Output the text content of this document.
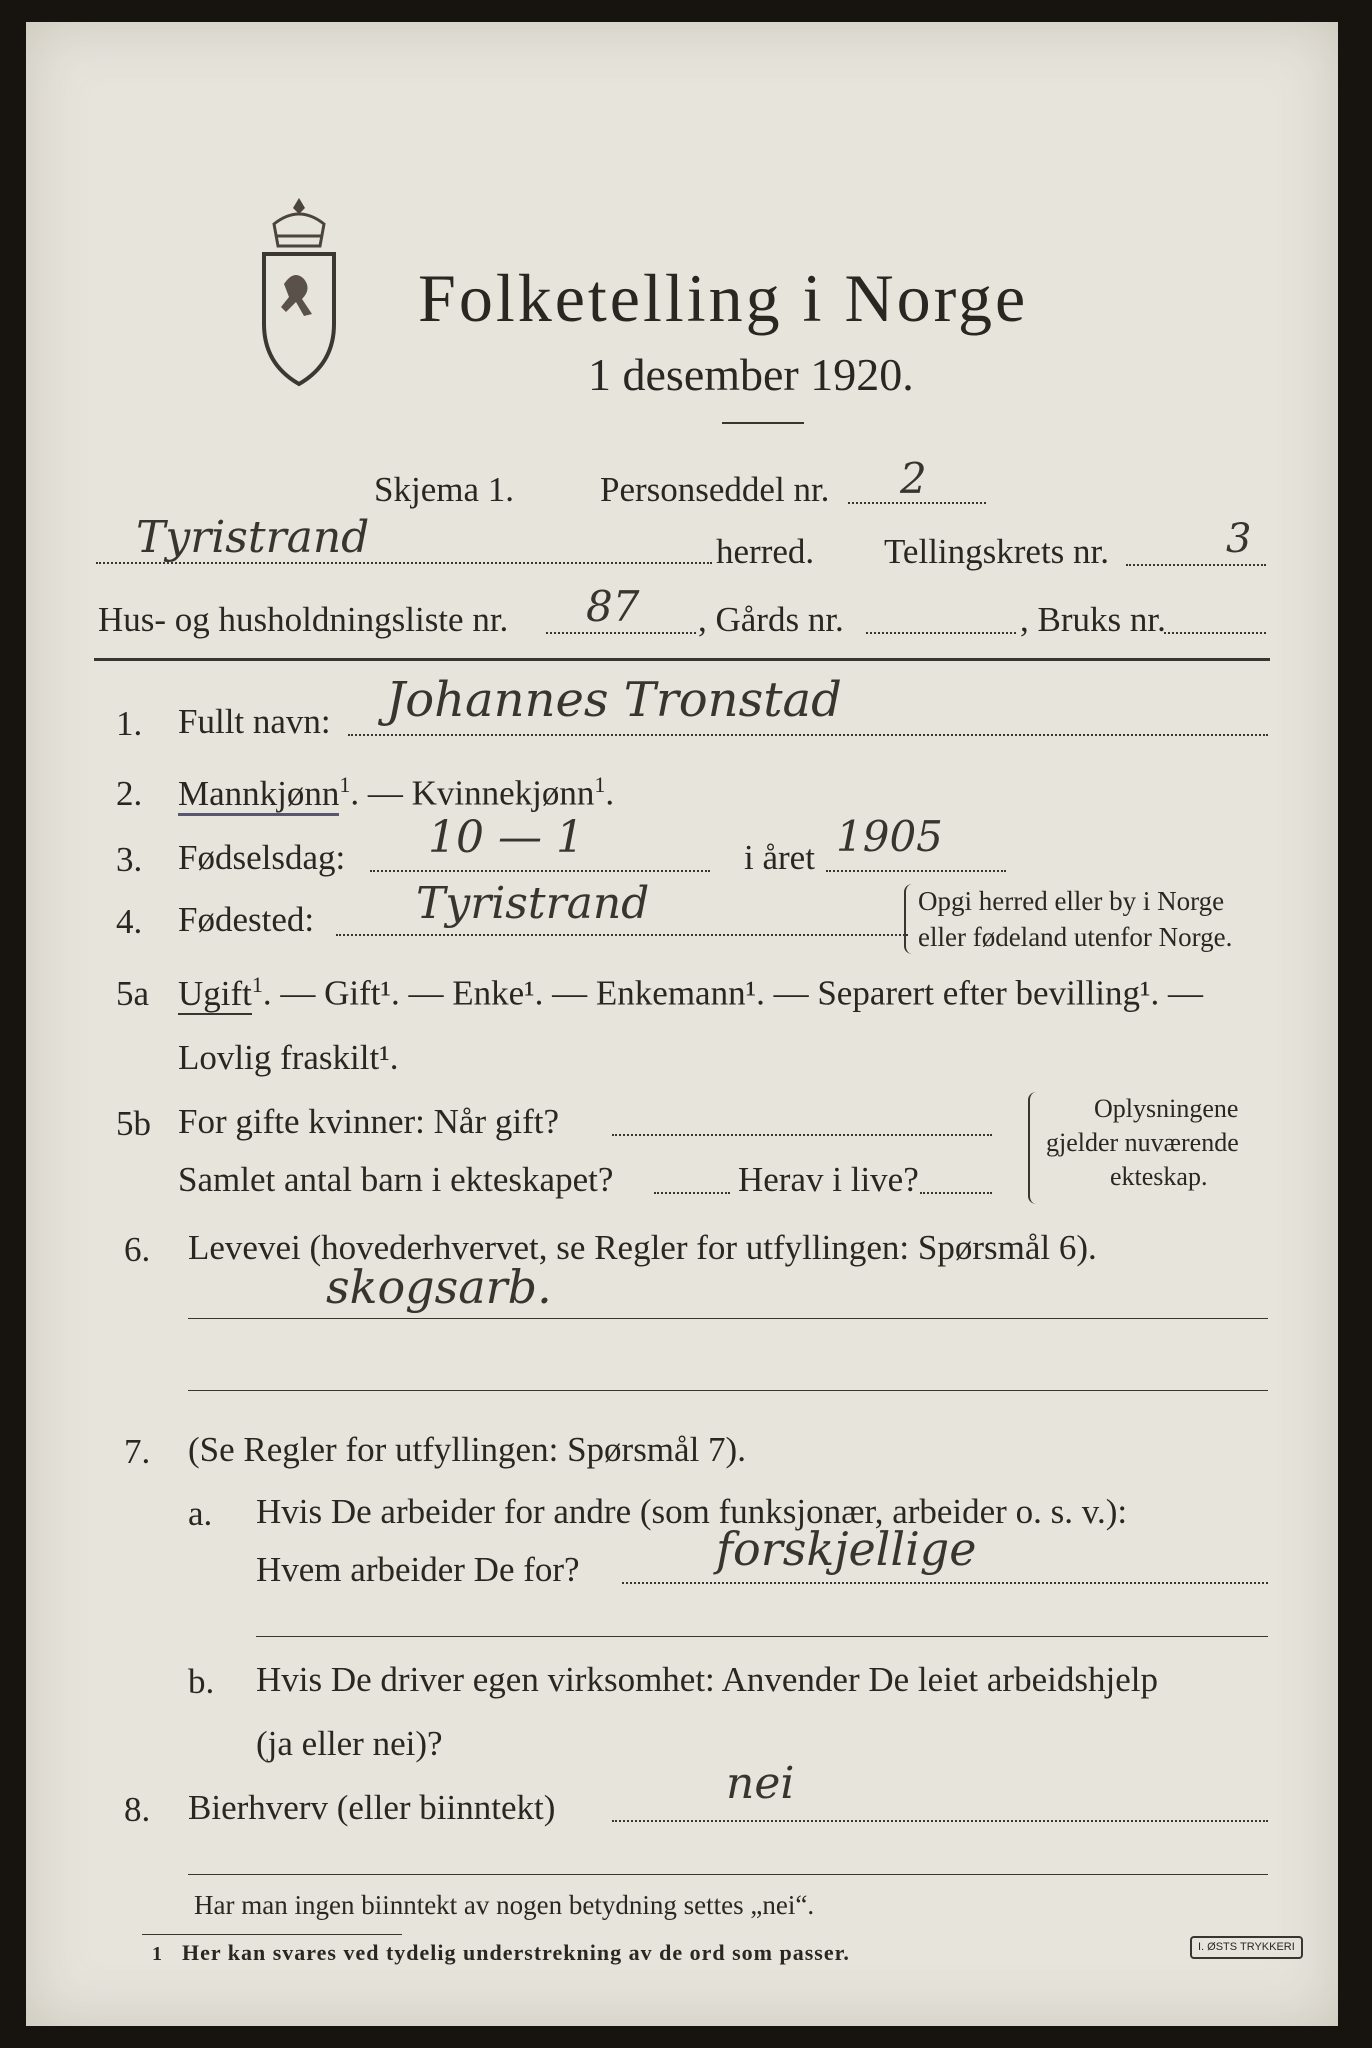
Folketelling i Norge
1 desember 1920.
Skjema 1. Personseddel nr. 2
Tyristrand	herred. Tellingskrets nr.	3
Hus- og husholdningsliste nr. 87 , Gårds nr.	, Bruks nr.
1. Fullt navn: Johannes Tronstad
2. Mannkjønn$^1$. — Kvinnekjønn$^1$.
3. Fødselsdag: 10 — 1	i året 1905
4. Fødested: Tyristrand	Opgi herred eller by i Norge
eller fødeland utenfor Norge.
5a Ugift$^1$. — Gift¹. — Enke¹. — Enkemann¹. — Separert efter bevilling¹. —
Lovlig fraskilt¹.
5b For gifte kvinner: Når gift?
Samlet antal barn i ekteskapet?	Herav i live?
Oplysningene
gjelder nuværende
ekteskap.
6. Levevei (hovederhvervet, se Regler for utfyllingen: Spørsmål 6).
skogsarb.
7. (Se Regler for utfyllingen: Spørsmål 7).
a. Hvis De arbeider for andre (som funksjonær, arbeider o. s. v.):
Hvem arbeider De for?	forskjellige
b. Hvis De driver egen virksomhet: Anvender De leiet arbeidshjelp
(ja eller nei)?
8. Bierhverv (eller biinntekt)	nei
Har man ingen biinntekt av nogen betydning settes „nei“.
1 Her kan svares ved tydelig understrekning av de ord som passer.	I. ØSTS TRYKKERI
